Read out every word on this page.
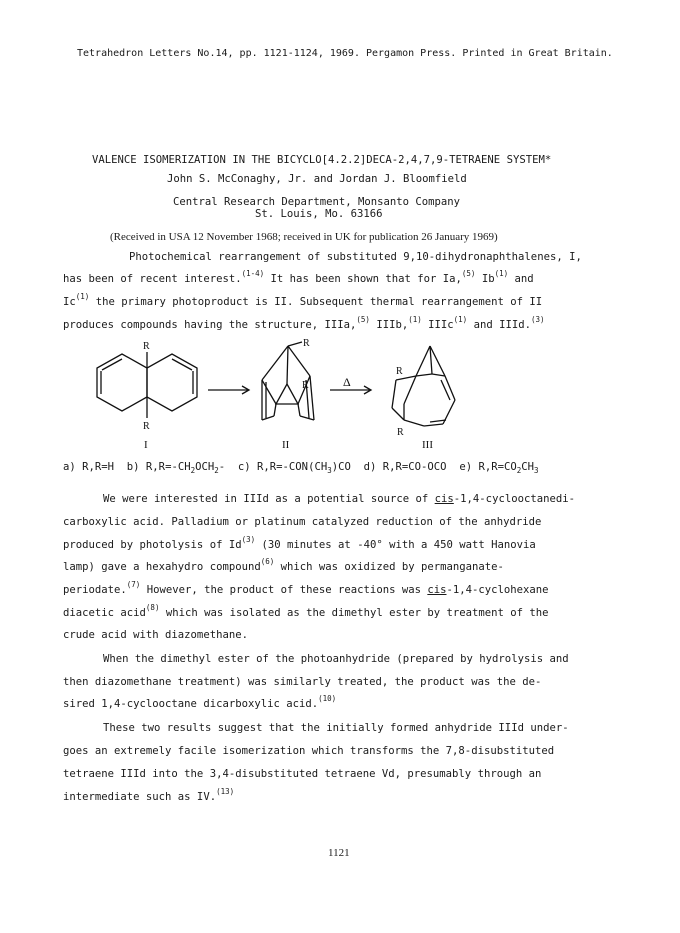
Tetrahedron Letters No.14, pp. 1121-1124, 1969. Pergamon Press. Printed in Great Britain.
VALENCE ISOMERIZATION IN THE BICYCLO[4.2.2]DECA-2,4,7,9-TETRAENE SYSTEM*
John S. McConaghy, Jr. and Jordan J. Bloomfield
Central Research Department, Monsanto Company
St. Louis, Mo. 63166
(Received in USA 12 November 1968; received in UK for publication 26 January 1969)
Photochemical rearrangement of substituted 9,10-dihydronaphthalenes, I,
has been of recent interest.$^{(1-4)}$ It has been shown that for Ia,$^{(5)}$ Ib$^{(1)}$ and
Ic$^{(1)}$ the primary photoproduct is II. Subsequent thermal rearrangement of II
produces compounds having the structure, IIIa,$^{(5)}$ IIIb,$^{(1)}$ IIIc$^{(1)}$ and IIId.$^{(3)}$
R
R
R
R
R
R
Δ
I	II	III
a) R,R=H b) $R,R=-CH_2OCH_2-$ c) $R,R=-CON(CH_3)CO$ d) R,R=CO-OCO e) $R,R=CO_2CH_3$
We were interested in IIId as a potential source of cis-1,4-cyclooctanedi-
carboxylic acid. Palladium or platinum catalyzed reduction of the anhydride
produced by photolysis of Id$^{(3)}$ (30 minutes at -40° with a 450 watt Hanovia
lamp) gave a hexahydro compound$^{(6)}$ which was oxidized by permanganate-
periodate.$^{(7)}$ However, the product of these reactions was cis-1,4-cyclohexane
diacetic acid$^{(8)}$ which was isolated as the dimethyl ester by treatment of the
crude acid with diazomethane.
When the dimethyl ester of the photoanhydride (prepared by hydrolysis and
then diazomethane treatment) was similarly treated, the product was the de-
sired 1,4-cyclooctane dicarboxylic acid.$^{(10)}$
These two results suggest that the initially formed anhydride IIId under-
goes an extremely facile isomerization which transforms the 7,8-disubstituted
tetraene IIId into the 3,4-disubstituted tetraene Vd, presumably through an
intermediate such as IV.$^{(13)}$
1121
